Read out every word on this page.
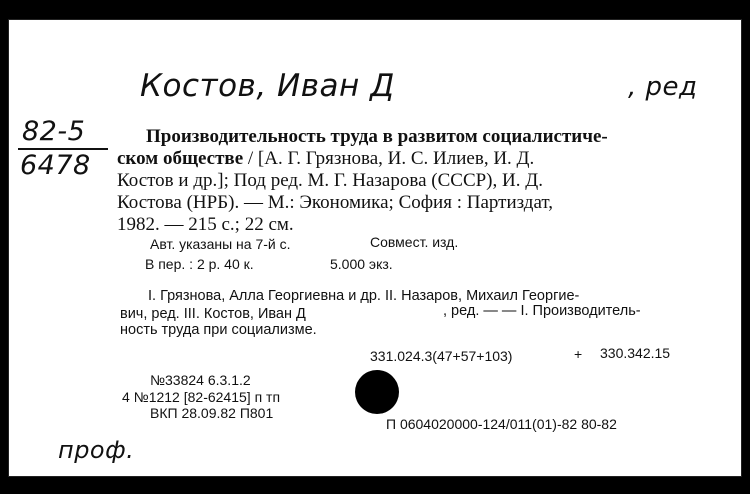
Костов, Иван Д	, ред
82-5
6478
Производительность труда в развитом социалистиче-
ском обществе / [А. Г. Грязнова, И. С. Илиев, И. Д.
Костов и др.]; Под ред. М. Г. Назарова (СССР), И. Д.
Костова (НРБ). — М.: Экономика; София : Партиздат,
1982. — 215 с.; 22 см.
Авт. указаны на 7-й с.	Совмест. изд.
В пер. : 2 р. 40 к.	5.000 экз.
I. Грязнова, Алла Георгиевна и др. II. Назаров, Михаил Георгие-
вич, ред. III. Костов, Иван Д	, ред. — — I. Производитель-
ность труда при социализме.
331.024.3(47+57+103)	+ 330.342.15
№33824 6.3.1.2
4 №1212 [82-62415] п тп
ВКП 28.09.82 П801
П 0604020000-124/011(01)-82 80-82
проф.
